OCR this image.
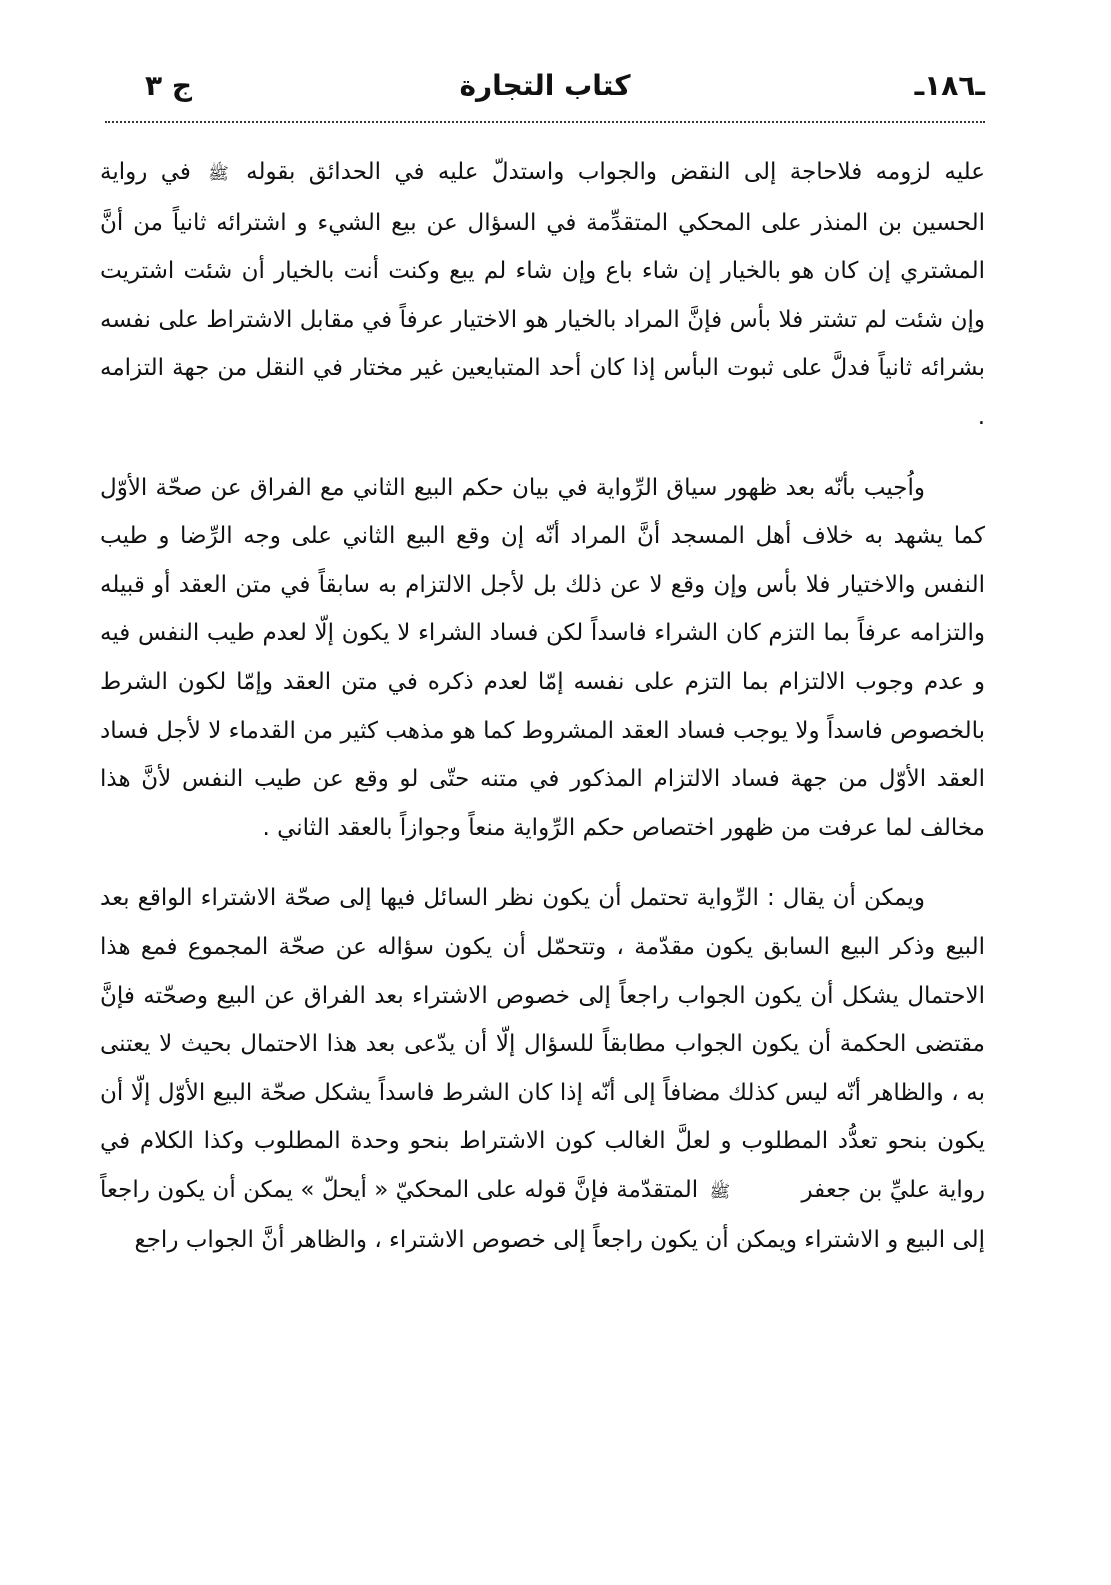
ـ١٨٦ـ
كتاب التجارة
ج ٣

عليه لزومه فلاحاجة إلى النقض والجواب واستدلّ عليه في الحدائق بقوله ﷺ في رواية الحسين بن المنذر على المحكي المتقدِّمة في السؤال عن بيع الشيء و اشترائه ثانياً من أنَّ المشتري إن كان هو بالخيار إن شاء باع وإن شاء لم يبع وكنت أنت بالخيار أن شئت اشتريت وإن شئت لم تشتر فلا بأس فإنَّ المراد بالخيار هو الاختيار عرفاً في مقابل الاشتراط على نفسه بشرائه ثانياً فدلَّ على ثبوت البأس إذا كان أحد المتبايعين غير مختار في النقل من جهة التزامه .

واُجيب بأنّه بعد ظهور سياق الرِّواية في بيان حكم البيع الثاني مع الفراق عن صحّة الأوّل كما يشهد به خلاف أهل المسجد أنَّ المراد أنّه إن وقع البيع الثاني على وجه الرِّضا و طيب النفس والاختيار فلا بأس وإن وقع لا عن ذلك بل لأجل الالتزام به سابقاً في متن العقد أو قبيله والتزامه عرفاً بما التزم كان الشراء فاسداً لكن فساد الشراء لا يكون إلّا لعدم طيب النفس فيه و عدم وجوب الالتزام بما التزم على نفسه إمّا لعدم ذكره في متن العقد وإمّا لكون الشرط بالخصوص فاسداً ولا يوجب فساد العقد المشروط كما هو مذهب كثير من القدماء لا لأجل فساد العقد الأوّل من جهة فساد الالتزام المذكور في متنه حتّى لو وقع عن طيب النفس لأنَّ هذا مخالف لما عرفت من ظهور اختصاص حكم الرِّواية منعاً وجوازاً بالعقد الثاني .

ويمكن أن يقال : الرِّواية تحتمل أن يكون نظر السائل فيها إلى صحّة الاشتراء الواقع بعد البيع وذكر البيع السابق يكون مقدّمة ، وتتحمّل أن يكون سؤاله عن صحّة المجموع فمع هذا الاحتمال يشكل أن يكون الجواب راجعاً إلى خصوص الاشتراء بعد الفراق عن البيع وصحّته فإنَّ مقتضى الحكمة أن يكون الجواب مطابقاً للسؤال إلّا أن يدّعى بعد هذا الاحتمال بحيث لا يعتنى به ، والظاهر أنّه ليس كذلك مضافاً إلى أنّه إذا كان الشرط فاسداً يشكل صحّة البيع الأوّل إلّا أن يكون بنحو تعدُّد المطلوب و لعلَّ الغالب كون الاشتراط بنحو وحدة المطلوب وكذا الكلام في رواية عليِّ بن جعفر ﷺ المتقدّمة فإنَّ قوله على المحكيّ « أيحلّ » يمكن أن يكون راجعاً إلى البيع و الاشتراء ويمكن أن يكون راجعاً إلى خصوص الاشتراء ، والظاهر أنَّ الجواب راجع
